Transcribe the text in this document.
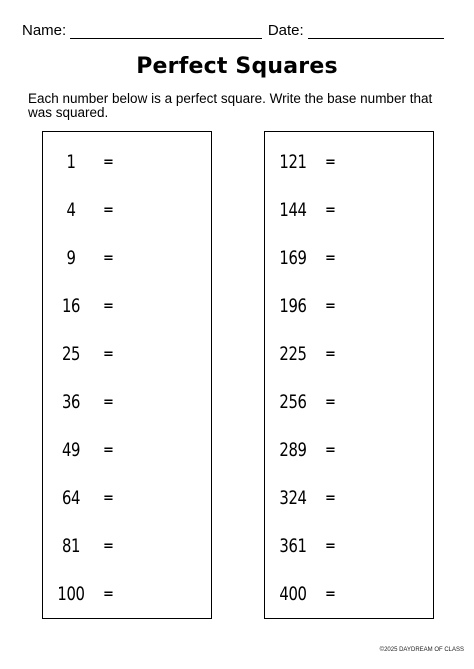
Name:	Date:
Perfect Squares
Each number below is a perfect square. Write the base number that was squared.
1	=
4	=
9	=
16	=
25	=
36	=
49	=
64	=
81	=
100 =
121 =
144 =
169 =
196 =
225 =
256 =
289 =
324 =
361 =
400 =
©2025 DAYDREAM OF CLASS
